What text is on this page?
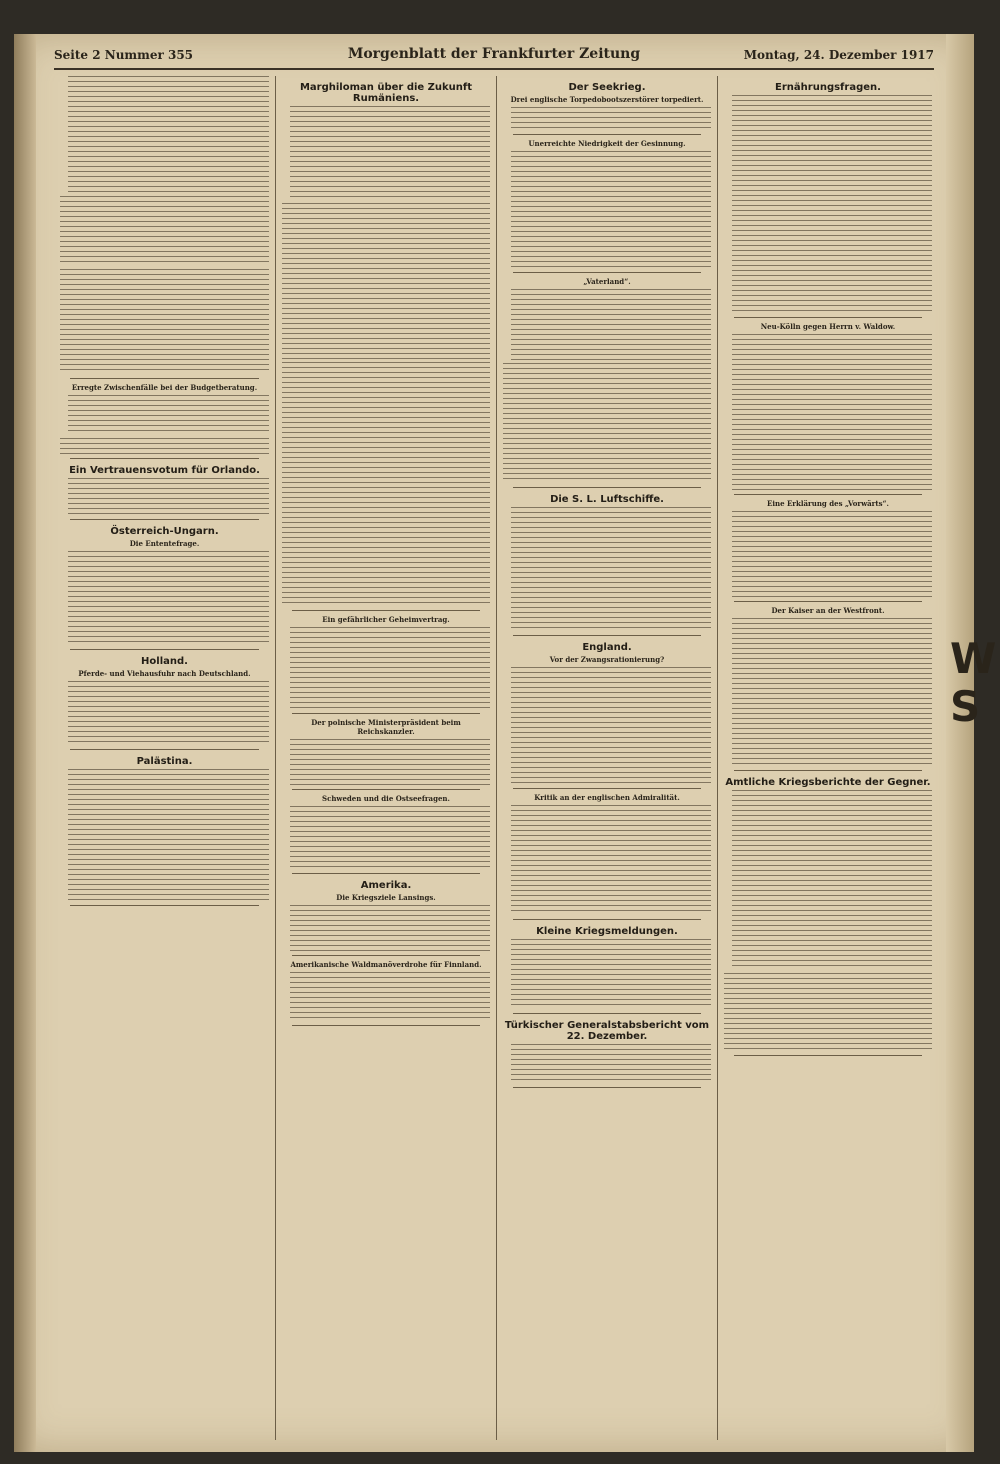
W
S
Seite 2 Nummer 355	Morgenblatt der Frankfurter Zeitung	Montag, 24. Dezember 1917
Erregte Zwischenfälle bei der Budgetberatung.
Ein Vertrauensvotum für Orlando.
Österreich-Ungarn.
Die Ententefrage.
Holland.
Pferde- und Viehausfuhr nach Deutschland.
Palästina.
Marghiloman über die Zukunft Rumäniens.
Ein gefährlicher Geheimvertrag.
Der polnische Ministerpräsident beim Reichskanzler.
Schweden und die Ostseefragen.
Amerika.
Die Kriegsziele Lansings.
Amerikanische Waldmanöverdrohe für Finnland.
Der Seekrieg.
Drei englische Torpedobootszerstörer torpediert.
Unerreichte Niedrigkeit der Gesinnung.
„Vaterland“.
Die S. L. Luftschiffe.
England.
Vor der Zwangsrationierung?
Kritik an der englischen Admiralität.
Kleine Kriegsmeldungen.
Türkischer Generalstabsbericht vom 22. Dezember.
Ernährungsfragen.
Neu-Kölln gegen Herrn v. Waldow.
Eine Erklärung des „Vorwärts“.
Der Kaiser an der Westfront.
Amtliche Kriegsberichte der Gegner.
